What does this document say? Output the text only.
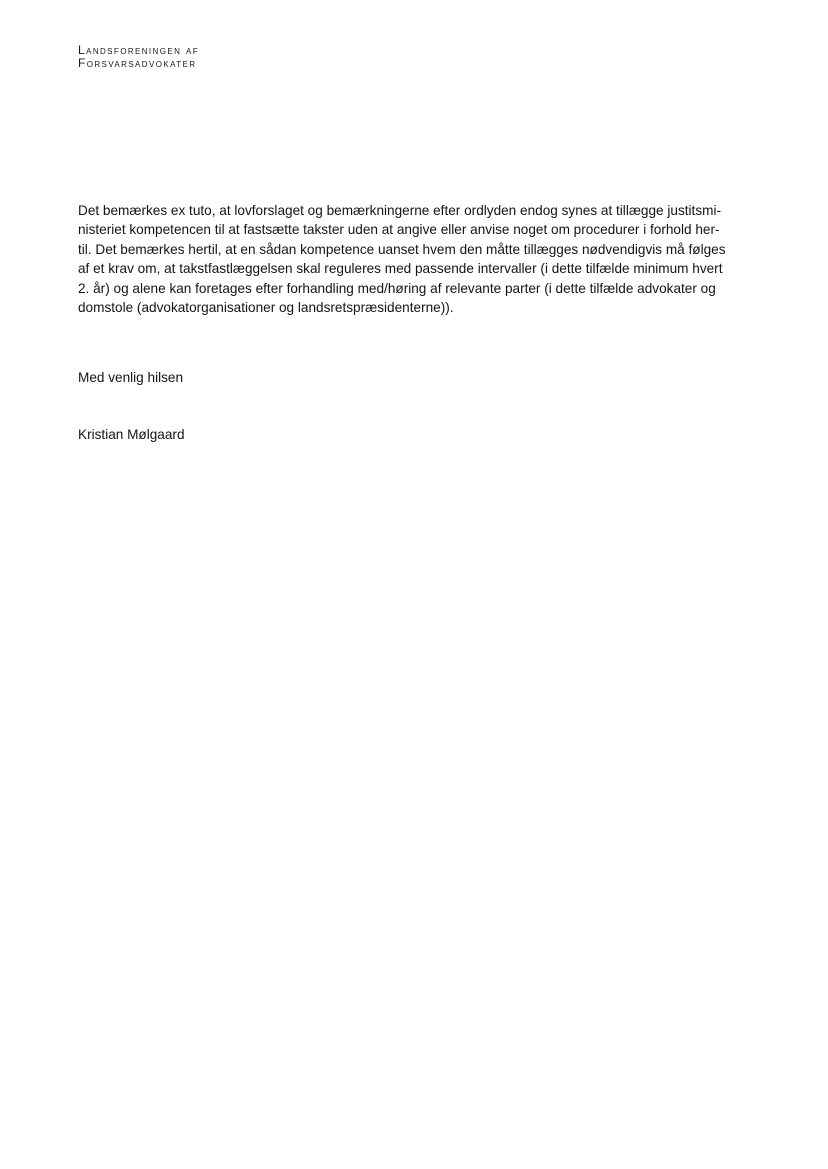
Landsforeningen af
Forsvarsadvokater
Det bemærkes ex tuto, at lovforslaget og bemærkningerne efter ordlyden endog synes at tillægge justitsmi-
nisteriet kompetencen til at fastsætte takster uden at angive eller anvise noget om procedurer i forhold her-
til. Det bemærkes hertil, at en sådan kompetence uanset hvem den måtte tillægges nødvendigvis må følges
af et krav om, at takstfastlæggelsen skal reguleres med passende intervaller (i dette tilfælde minimum hvert
2. år) og alene kan foretages efter forhandling med/høring af relevante parter (i dette tilfælde advokater og
domstole (advokatorganisationer og landsretspræsidenterne)).
Med venlig hilsen
Kristian Mølgaard
